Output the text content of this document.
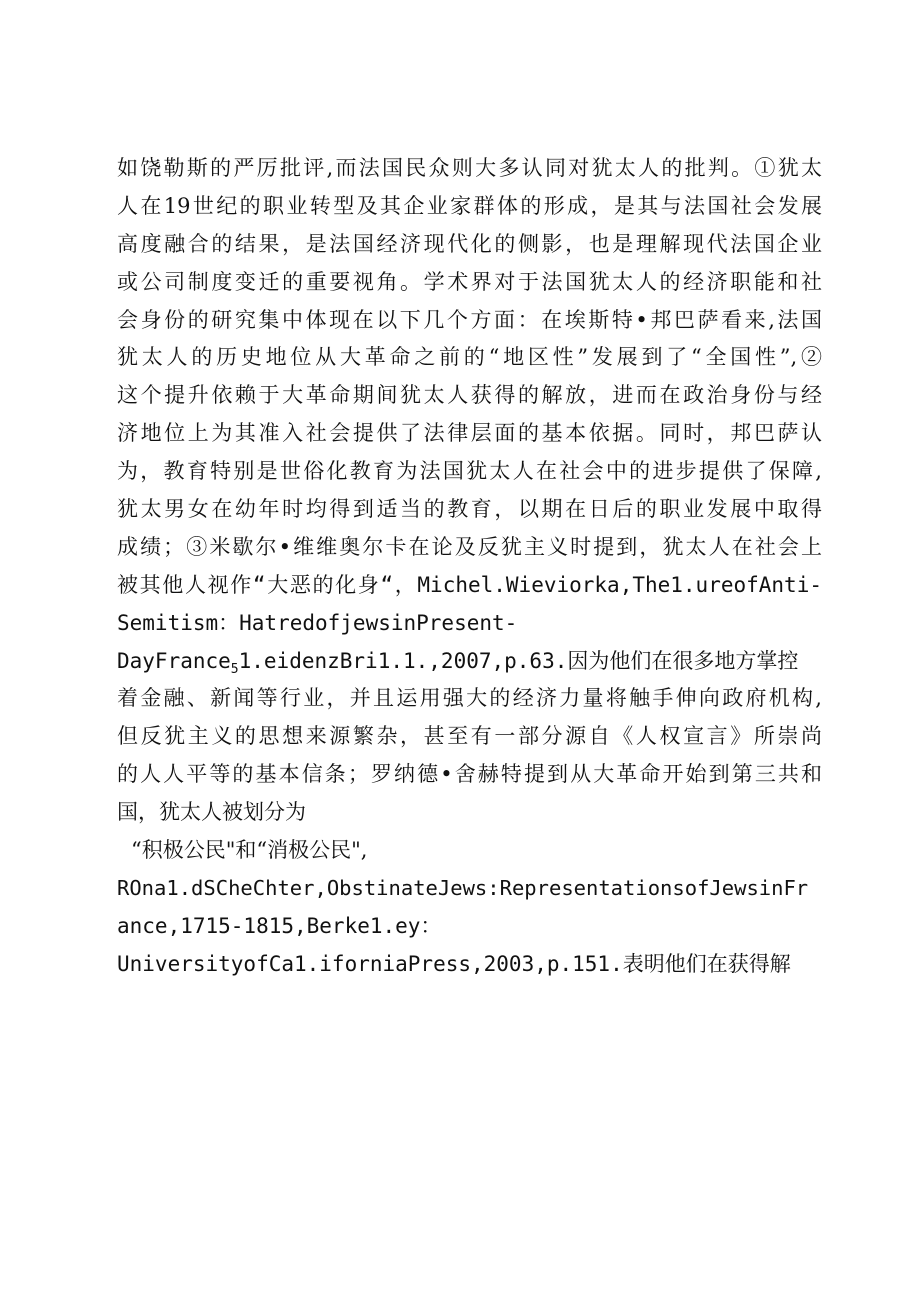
如饶勒斯的严厉批评,而法国民众则大多认同对犹太人的批判。①犹太
人在19世纪的职业转型及其企业家群体的形成，是其与法国社会发展
高度融合的结果，是法国经济现代化的侧影，也是理解现代法国企业
或公司制度变迁的重要视角。学术界对于法国犹太人的经济职能和社
会身份的研究集中体现在以下几个方面：在埃斯特•邦巴萨看来,法国
犹太人的历史地位从大革命之前的“地区性”发展到了“全国性”,②
这个提升依赖于大革命期间犹太人获得的解放，进而在政治身份与经
济地位上为其准入社会提供了法律层面的基本依据。同时，邦巴萨认
为，教育特别是世俗化教育为法国犹太人在社会中的进步提供了保障,
犹太男女在幼年时均得到适当的教育，以期在日后的职业发展中取得
成绩；③米歇尔•维维奥尔卡在论及反犹主义时提到，犹太人在社会上
被其他人视作“大恶的化身“，Michel.Wieviorka,The1.ureofAnti-
Semitism：HatredofjewsinPresent-
DayFrance$_5$1.eidenzBri1.1.,2007,p.63.因为他们在很多地方掌控
着金融、新闻等行业，并且运用强大的经济力量将触手伸向政府机构,
但反犹主义的思想来源繁杂，甚至有一部分源自《人权宣言》所崇尚
的人人平等的基本信条；罗纳德•舍赫特提到从大革命开始到第三共和
国，犹太人被划分为
“积极公民"和“消极公民",
ROna1.dSCheChter,ObstinateJews:RepresentationsofJewsinFr
ance,1715-1815,Berke1.ey：
UniversityofCa1.iforniaPress,2003,p.151.表明他们在获得解
